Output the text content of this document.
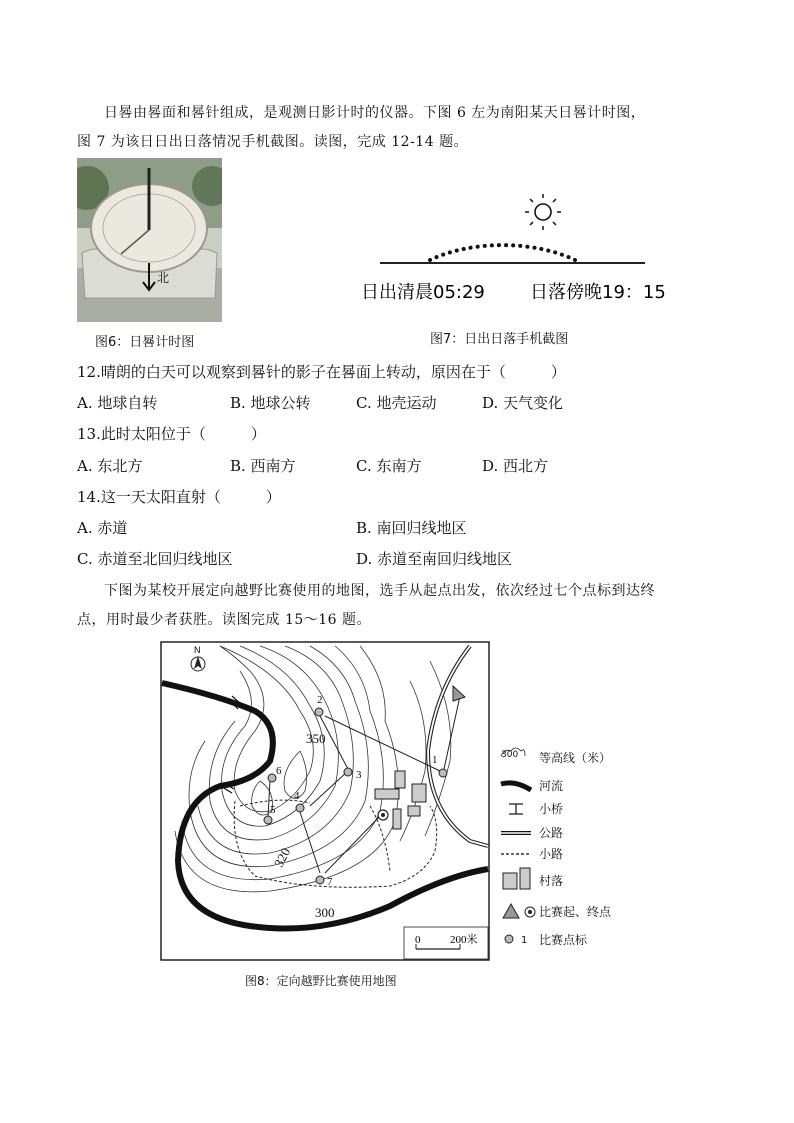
日晷由晷面和晷针组成，是观测日影计时的仪器。下图 6 左为南阳某天日晷计时图，
图 7 为该日日出日落情况手机截图。读图，完成 12-14 题。
北
图6：日晷计时图
日出清晨05:29	日落傍晚19：15
图7：日出日落手机截图
12.晴朗的白天可以观察到晷针的影子在晷面上转动，原因在于（　　　）
A. 地球自转	B. 地球公转	C. 地壳运动	D. 天气变化
13.此时太阳位于（　　　）
A. 东北方	B. 西南方	C. 东南方	D. 西北方
14.这一天太阳直射（　　　）
A. 赤道	B. 南回归线地区
C. 赤道至北回归线地区	D. 赤道至南回归线地区
下图为某校开展定向越野比赛使用的地图，选手从起点出发，依次经过七个点标到达终
点，用时最少者获胜。读图完成 15～16 题。
N
1
2
3
4
5
6
7
350
320
300
0	200米
300 等高线（米）
河流
小桥
公路
小路
村落
比赛起、终点
1 比赛点标
图8：定向越野比赛使用地图
